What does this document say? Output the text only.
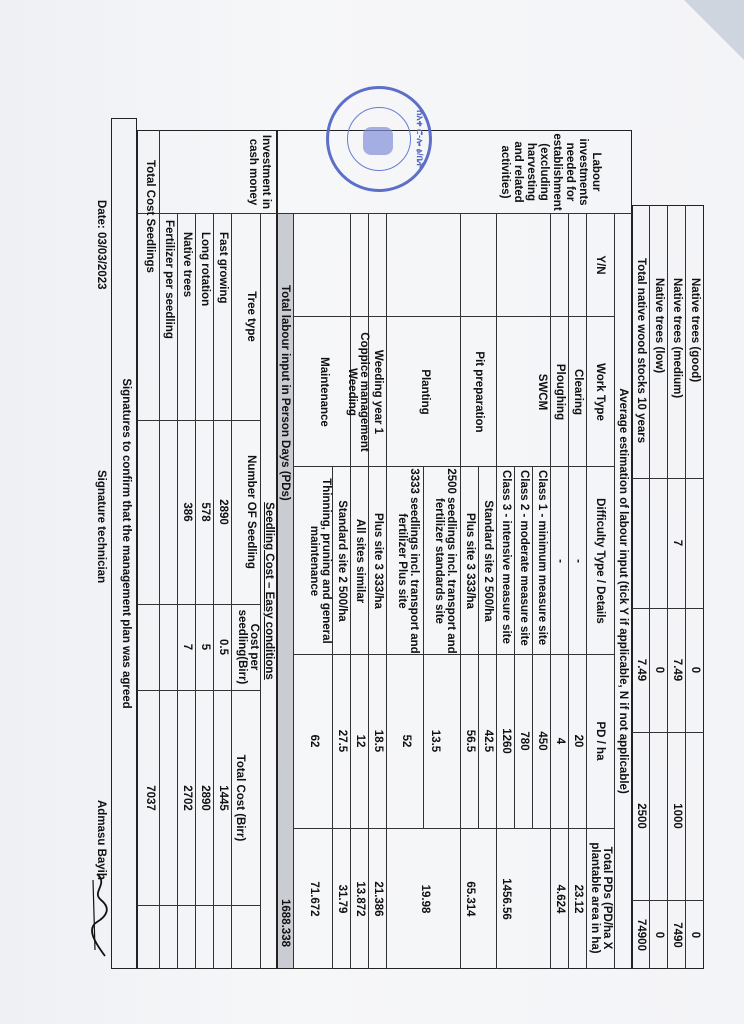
Native trees (good)
0
0
Native trees (medium)
7
7.49
1000
7490
Native trees (low)
0
0
Total native wood stocks 10 years
7.49
2500
74900
Labour investments needed for establishment (excluding harvesting and related activities)
Average estimation of labour input (tick Y if applicable, N if not applicable)
Y/N
Work Type
Difficulty Type / Details
PD / ha
Total PDs (PD/ha X plantable area in ha)
Clearing
-
20
23.12
Ploughing
-
4
4.624
SWCM
Class 1 - minimum measure site
450
Class 2 - moderate measure site
780
Class 3 - intensive measure site
1260
1456.56
Pit preparation
Standard site 2 500/ha
42.5
Plus site 3 333/ha
56.5
65.314
Planting
2500 seedlings incl. transport and fertilizer standards site
13.5
3333 seedlings incl. transport and fertilizer Plus site
52
19.98
Weeding year 1
Plus site 3 333/ha
18.5
21.386
Coppice management
Weeding
All sites similar
12
13.872
Maintenance
Standard site 2 500/ha
27.5
31.79
Thinning, pruning and general maintenance
62
71.672
Total labour input in Person Days (PDs)
1688.338
Investment in cash money
Seedling Cost – Easy conditions
Tree type
Number OF Seedling
Cost per seedling(Birr)
Total Cost (Birr)
Fast growing
2890
0.5
1445
Long rotation
578
5
2890
Native trees
386
7
2702
Fertilizer per seedling
Total Cost Seedlings
7037
Signatures to confirm that the management plan was agreed
Date: 03/03/2023
Signature technician
Admasu Bayih
ሰአቀ ሮ-ሎ ፅ/ቤት
